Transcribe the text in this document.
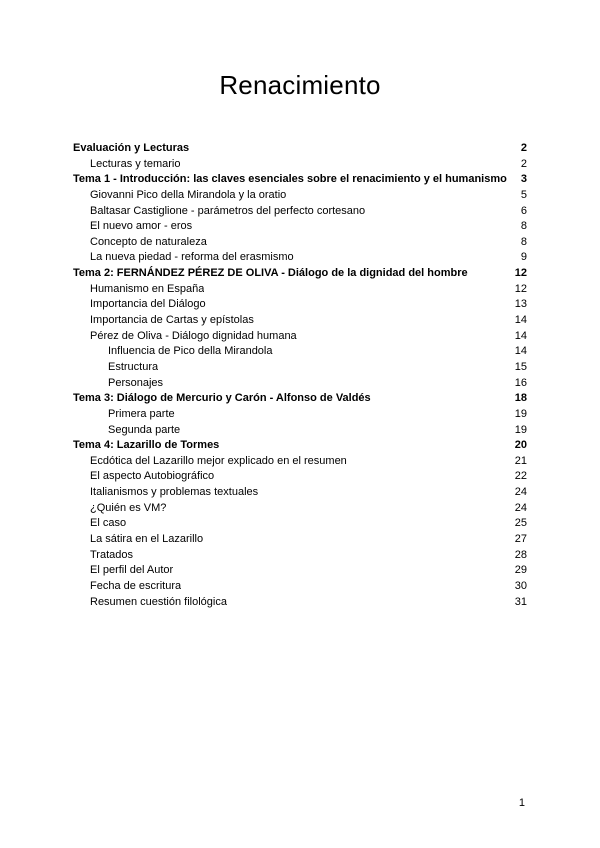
Renacimiento
Evaluación y Lecturas	2
Lecturas y temario	2
Tema 1 - Introducción: las claves esenciales sobre el renacimiento y el humanismo	3
Giovanni Pico della Mirandola y la oratio	5
Baltasar Castiglione - parámetros del perfecto cortesano	6
El nuevo amor - eros	8
Concepto de naturaleza	8
La nueva piedad - reforma del erasmismo	9
Tema 2: FERNÁNDEZ PÉREZ DE OLIVA - Diálogo de la dignidad del hombre	12
Humanismo en España	12
Importancia del Diálogo	13
Importancia de Cartas y epístolas	14
Pérez de Oliva - Diálogo dignidad humana	14
Influencia de Pico della Mirandola	14
Estructura	15
Personajes	16
Tema 3: Diálogo de Mercurio y Carón - Alfonso de Valdés	18
Primera parte	19
Segunda parte	19
Tema 4: Lazarillo de Tormes	20
Ecdótica del Lazarillo mejor explicado en el resumen	21
El aspecto Autobiográfico	22
Italianismos y problemas textuales	24
¿Quién es VM?	24
El caso	25
La sátira en el Lazarillo	27
Tratados	28
El perfil del Autor	29
Fecha de escritura	30
Resumen cuestión filológica	31
1
